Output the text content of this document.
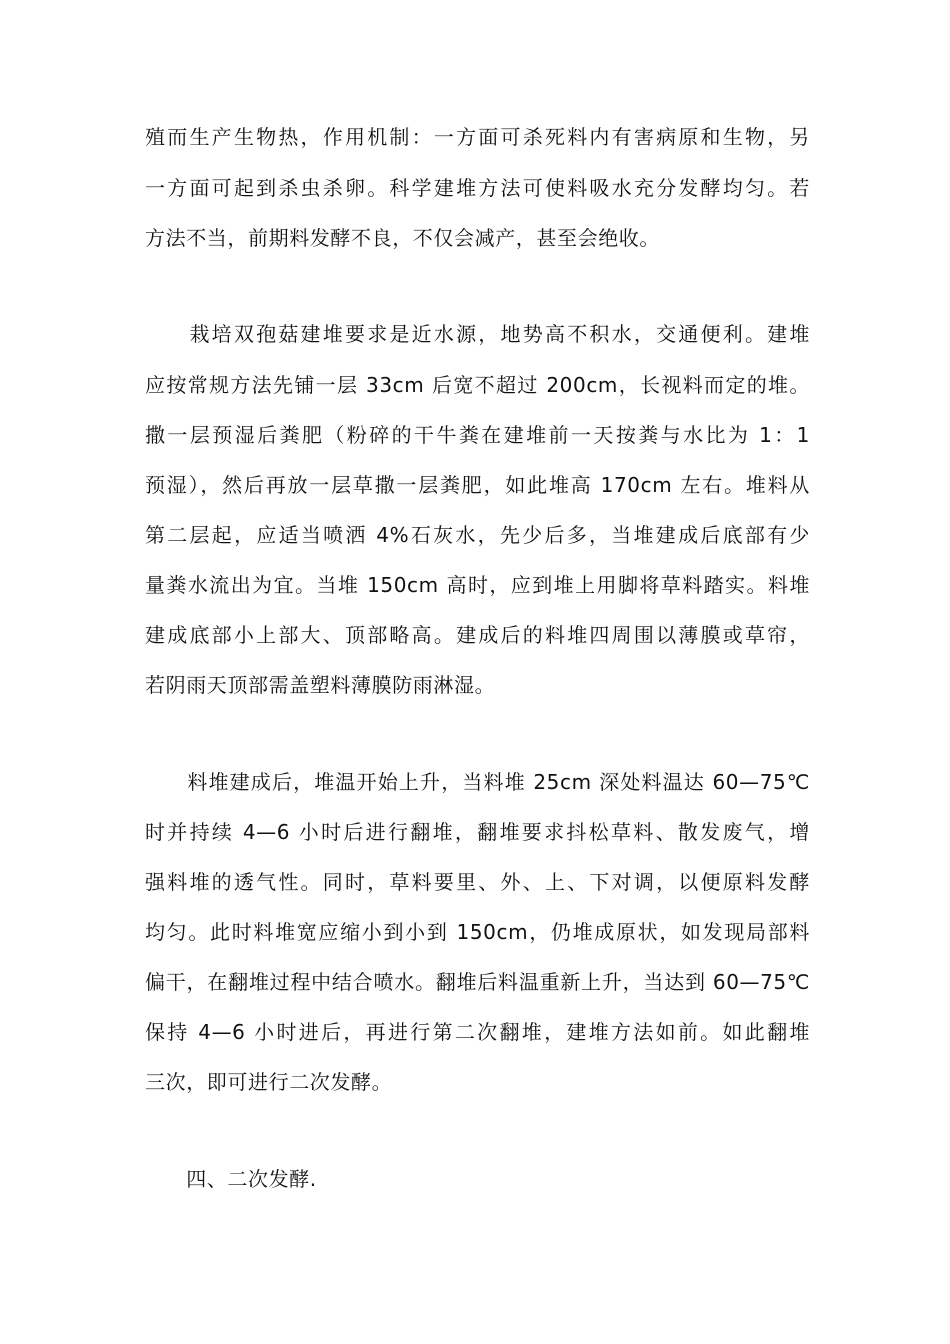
殖而生产生物热，作用机制：一方面可杀死料内有害病原和生物，另
一方面可起到杀虫杀卵。科学建堆方法可使料吸水充分发酵均匀。若
方法不当，前期料发酵不良，不仅会减产，甚至会绝收。
　　栽培双孢菇建堆要求是近水源，地势高不积水，交通便利。建堆
应按常规方法先铺一层 33cm 后宽不超过 200cm，长视料而定的堆。
撒一层预湿后粪肥（粉碎的干牛粪在建堆前一天按粪与水比为 1：1
预湿），然后再放一层草撒一层粪肥，如此堆高 170cm 左右。堆料从
第二层起，应适当喷洒 4%石灰水，先少后多，当堆建成后底部有少
量粪水流出为宜。当堆 150cm 高时，应到堆上用脚将草料踏实。料堆
建成底部小上部大、顶部略高。建成后的料堆四周围以薄膜或草帘，
若阴雨天顶部需盖塑料薄膜防雨淋湿。
　　料堆建成后，堆温开始上升，当料堆 25cm 深处料温达 60—75℃
时并持续 4—6 小时后进行翻堆，翻堆要求抖松草料、散发废气，增
强料堆的透气性。同时，草料要里、外、上、下对调，以便原料发酵
均匀。此时料堆宽应缩小到小到 150cm，仍堆成原状，如发现局部料
偏干，在翻堆过程中结合喷水。翻堆后料温重新上升，当达到 60—75℃
保持 4—6 小时进后，再进行第二次翻堆，建堆方法如前。如此翻堆
三次，即可进行二次发酵。
　　四、二次发酵.
